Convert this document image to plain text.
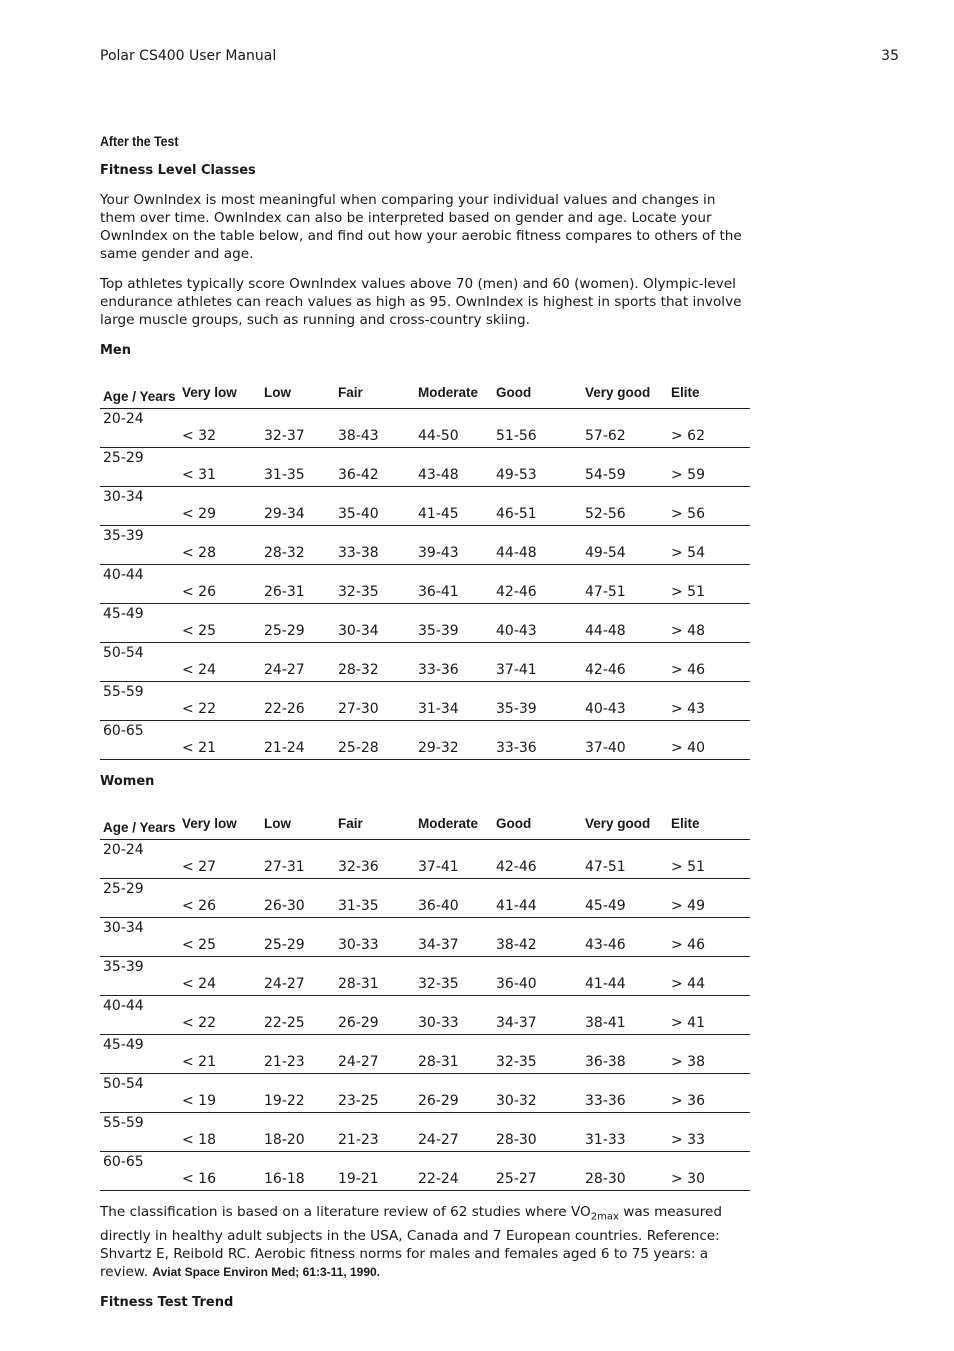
Polar CS400 User Manual	35
After the Test
Fitness Level Classes

Your OwnIndex is most meaningful when comparing your individual values and changes in them over time. OwnIndex can also be interpreted based on gender and age. Locate your OwnIndex on the table below, and find out how your aerobic fitness compares to others of the same gender and age.

Top athletes typically score OwnIndex values above 70 (men) and 60 (women). Olympic-level endurance athletes can reach values as high as 95. OwnIndex is highest in sports that involve large muscle groups, such as running and cross-country skiing.

Men
Age / Years	Very low	Low	Fair	Moderate	Good	Very good	Elite
20-24	< 32	32-37	38-43	44-50	51-56	57-62	> 62

25-29	< 31	31-35	36-42	43-48	49-53	54-59	> 59

30-34	< 29	29-34	35-40	41-45	46-51	52-56	> 56

35-39	< 28	28-32	33-38	39-43	44-48	49-54	> 54

40-44	< 26	26-31	32-35	36-41	42-46	47-51	> 51

45-49	< 25	25-29	30-34	35-39	40-43	44-48	> 48

50-54	< 24	24-27	28-32	33-36	37-41	42-46	> 46

55-59	< 22	22-26	27-30	31-34	35-39	40-43	> 43

60-65	< 21	21-24	25-28	29-32	33-36	37-40	> 40
Women
Age / Years	Very low	Low	Fair	Moderate	Good	Very good	Elite
20-24	< 27	27-31	32-36	37-41	42-46	47-51	> 51

25-29	< 26	26-30	31-35	36-40	41-44	45-49	> 49

30-34	< 25	25-29	30-33	34-37	38-42	43-46	> 46

35-39	< 24	24-27	28-31	32-35	36-40	41-44	> 44

40-44	< 22	22-25	26-29	30-33	34-37	38-41	> 41

45-49	< 21	21-23	24-27	28-31	32-35	36-38	> 38

50-54	< 19	19-22	23-25	26-29	30-32	33-36	> 36

55-59	< 18	18-20	21-23	24-27	28-30	31-33	> 33

60-65	< 16	16-18	19-21	22-24	25-27	28-30	> 30

The classification is based on a literature review of 62 studies where $VO_{2max}$ was measured directly in healthy adult subjects in the USA, Canada and 7 European countries. Reference: Shvartz E, Reibold RC. Aerobic fitness norms for males and females aged 6 to 75 years: a review. Aviat Space Environ Med; 61:3-11, 1990.

Fitness Test Trend
